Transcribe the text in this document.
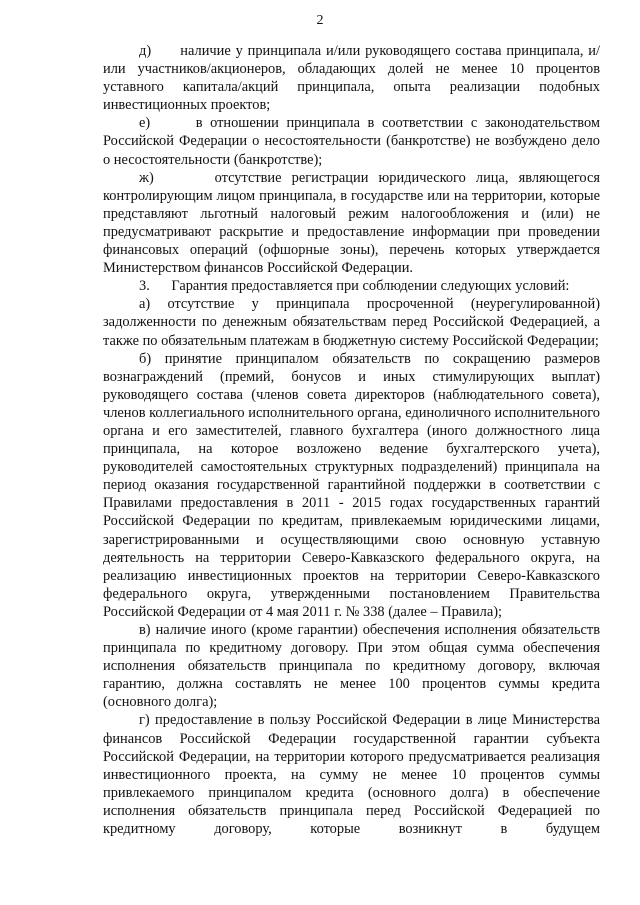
2

д)      наличие у принципала и/или руководящего состава принципала, и/или участников/акционеров, обладающих долей не менее 10 процентов уставного капитала/акций принципала, опыта реализации подобных инвестиционных проектов;

е)      в отношении принципала в соответствии с законодательством Российской Федерации о несостоятельности (банкротстве) не возбуждено дело о несостоятельности (банкротстве);

ж)      отсутствие регистрации юридического лица, являющегося контролирующим лицом принципала, в государстве или на территории, которые представляют льготный налоговый режим налогообложения и (или) не предусматривают раскрытие и предоставление информации при проведении финансовых операций (офшорные зоны), перечень которых утверждается Министерством финансов Российской Федерации.

3.      Гарантия предоставляется при соблюдении следующих условий:

а) отсутствие у принципала просроченной (неурегулированной) задолженности по денежным обязательствам перед Российской Федерацией, а также по обязательным платежам в бюджетную систему Российской Федерации;

б) принятие принципалом обязательств по сокращению размеров вознаграждений (премий, бонусов и иных стимулирующих выплат) руководящего состава (членов совета директоров (наблюдательного совета), членов коллегиального исполнительного органа, единоличного исполнительного органа и его заместителей, главного бухгалтера (иного должностного лица принципала, на которое возложено ведение бухгалтерского учета), руководителей самостоятельных структурных подразделений) принципала на период оказания государственной гарантийной поддержки в соответствии с Правилами предоставления в 2011 - 2015 годах государственных гарантий Российской Федерации по кредитам, привлекаемым юридическими лицами, зарегистрированными и осуществляющими свою основную уставную деятельность на территории Северо-Кавказского федерального округа, на реализацию инвестиционных проектов на территории Северо-Кавказского федерального округа, утвержденными постановлением Правительства Российской Федерации от 4 мая 2011 г. № 338 (далее – Правила);

в) наличие иного (кроме гарантии) обеспечения исполнения обязательств принципала по кредитному договору. При этом общая сумма обеспечения исполнения обязательств принципала по кредитному договору, включая гарантию, должна составлять не менее 100 процентов суммы кредита (основного долга);

г) предоставление в пользу Российской Федерации в лице Министерства финансов Российской Федерации государственной гарантии субъекта Российской Федерации, на территории которого предусматривается реализация инвестиционного проекта, на сумму не менее 10 процентов суммы привлекаемого принципалом кредита (основного долга) в обеспечение исполнения обязательств принципала перед Российской Федерацией по кредитному договору, которые возникнут в будущем
